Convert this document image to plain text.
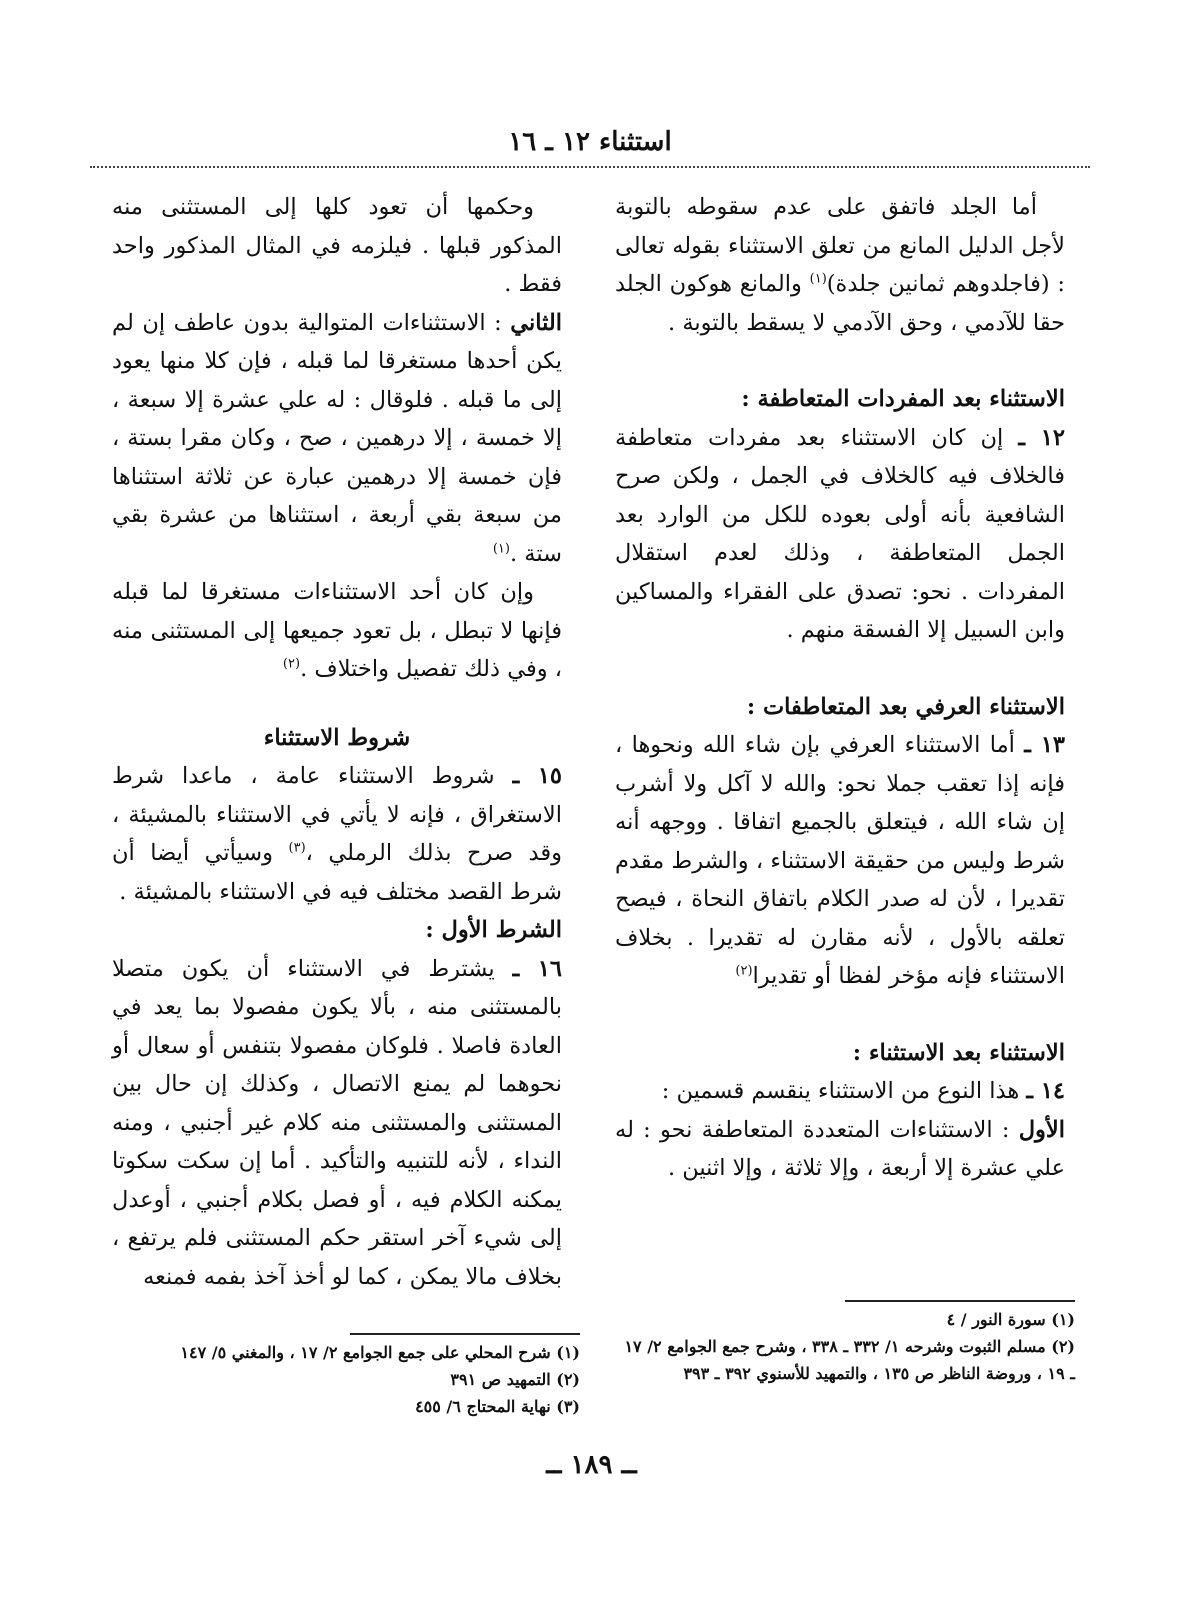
استثناء ١٢ ـ ١٦

أما الجلد فاتفق على عدم سقوطه بالتوبة لأجل الدليل المانع من تعلق الاستثناء بقوله تعالى : (فاجلدوهم ثمانين جلدة)$^{(١)}$ والمانع هوكون الجلد حقا للآدمي ، وحق الآدمي لا يسقط بالتوبة .

الاستثناء بعد المفردات المتعاطفة :

١٢ ـ إن كان الاستثناء بعد مفردات متعاطفة فالخلاف فيه كالخلاف في الجمل ، ولكن صرح الشافعية بأنه أولى بعوده للكل من الوارد بعد الجمل المتعاطفة ، وذلك لعدم استقلال المفردات . نحو: تصدق على الفقراء والمساكين وابن السبيل إلا الفسقة منهم .

الاستثناء العرفي بعد المتعاطفات :

١٣ ـ أما الاستثناء العرفي بإن شاء الله ونحوها ، فإنه إذا تعقب جملا نحو: والله لا آكل ولا أشرب إن شاء الله ، فيتعلق بالجميع اتفاقا . ووجهه أنه شرط وليس من حقيقة الاستثناء ، والشرط مقدم تقديرا ، لأن له صدر الكلام باتفاق النحاة ، فيصح تعلقه بالأول ، لأنه مقارن له تقديرا . بخلاف الاستثناء فإنه مؤخر لفظا أو تقديرا$^{(٢)}$

الاستثناء بعد الاستثناء :

١٤ ـ هذا النوع من الاستثناء ينقسم قسمين :

الأول : الاستثناءات المتعددة المتعاطفة نحو : له علي عشرة إلا أربعة ، وإلا ثلاثة ، وإلا اثنين .

وحكمها أن تعود كلها إلى المستثنى منه المذكور قبلها . فيلزمه في المثال المذكور واحد فقط .

الثاني : الاستثناءات المتوالية بدون عاطف إن لم يكن أحدها مستغرقا لما قبله ، فإن كلا منها يعود إلى ما قبله . فلوقال : له علي عشرة إلا سبعة ، إلا خمسة ، إلا درهمين ، صح ، وكان مقرا بستة ، فإن خمسة إلا درهمين عبارة عن ثلاثة استثناها من سبعة بقي أربعة ، استثناها من عشرة بقي ستة .$^{(١)}$

وإن كان أحد الاستثناءات مستغرقا لما قبله فإنها لا تبطل ، بل تعود جميعها إلى المستثنى منه ، وفي ذلك تفصيل واختلاف .$^{(٢)}$

شروط الاستثناء

١٥ ـ شروط الاستثناء عامة ، ماعدا شرط الاستغراق ، فإنه لا يأتي في الاستثناء بالمشيئة ، وقد صرح بذلك الرملي ،$^{(٣)}$ وسيأتي أيضا أن شرط القصد مختلف فيه في الاستثناء بالمشيئة .

الشرط الأول :

١٦ ـ يشترط في الاستثناء أن يكون متصلا بالمستثنى منه ، بألا يكون مفصولا بما يعد في العادة فاصلا . فلوكان مفصولا بتنفس أو سعال أو نحوهما لم يمنع الاتصال ، وكذلك إن حال بين المستثنى والمستثنى منه كلام غير أجنبي ، ومنه النداء ، لأنه للتنبيه والتأكيد . أما إن سكت سكوتا يمكنه الكلام فيه ، أو فصل بكلام أجنبي ، أوعدل إلى شيء آخر استقر حكم المستثنى فلم يرتفع ، بخلاف مالا يمكن ، كما لو أخذ آخذ بفمه فمنعه

(١) سورة النور / ٤

(٢) مسلم الثبوت وشرحه ١/ ٣٣٢ ـ ٣٣٨ ، وشرح جمع الجوامع ٢/ ١٧ ـ ١٩ ، وروضة الناظر ص ١٣٥ ، والتمهيد للأسنوي ٣٩٢ ـ ٣٩٣

(١) شرح المحلي على جمع الجوامع ٢/ ١٧ ، والمغني ٥/ ١٤٧

(٢) التمهيد ص ٣٩١

(٣) نهاية المحتاج ٦/ ٤٥٥

ــ ١٨٩ ــ
